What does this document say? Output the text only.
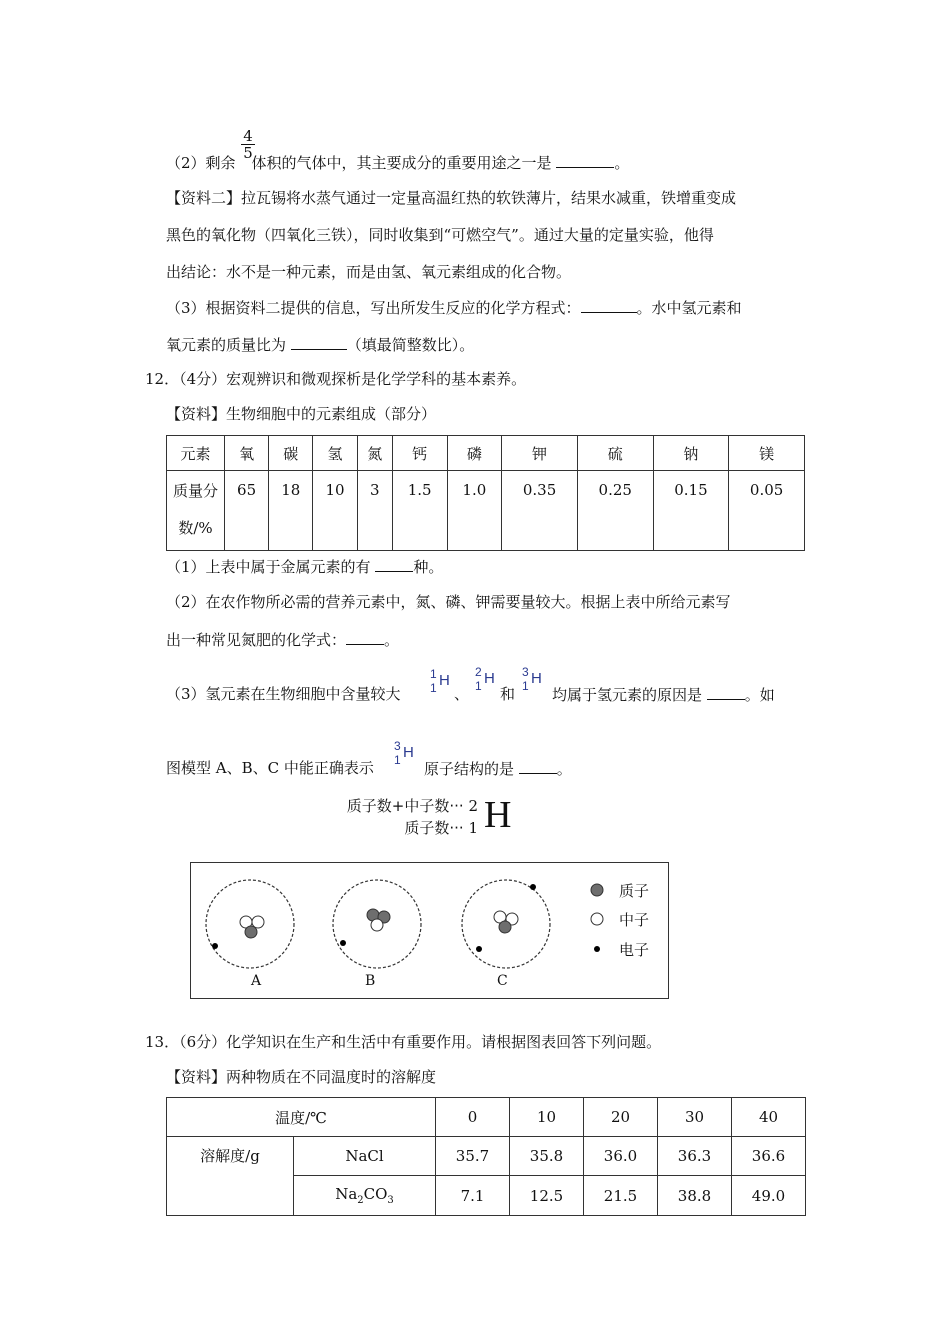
$\frac{4}{5}$
（2）剩余 体积的气体中，其主要成分的重要用途之一是	。
【资料二】拉瓦锡将水蒸气通过一定量高温红热的软铁薄片，结果水减重，铁增重变成
黑色的氧化物（四氧化三铁），同时收集到“可燃空气”。通过大量的定量实验，他得
出结论：水不是一种元素，而是由氢、氧元素组成的化合物。
（3）根据资料二提供的信息，写出所发生反应的化学方程式：	。水中氢元素和
氧元素的质量比为	（填最简整数比）。
12．（4分）宏观辨识和微观探析是化学学科的基本素养。
【资料】生物细胞中的元素组成（部分）
元素	氧	碳	氢	氮	钙	磷	钾	硫	钠	镁

质量分
数/%	65	18	10	3	1.5	1.0	0.35	0.25	0.15	0.05
（1）上表中属于金属元素的有	种。
（2）在农作物所必需的营养元素中，氮、磷、钾需要量较大。根据上表中所给元素写
出一种常见氮肥的化学式：	。
（3）氢元素在生物细胞中含量较大
1
1 H
、
2
1 H
和
3
1 H
均属于氢元素的原因是	。如
图模型 A、B、C 中能正确表示
3
1 H
原子结构的是	。
质子数+中子数··· 2
质子数··· 1 H
A	B	C
质子
中子
电子
13．（6分）化学知识在生产和生活中有重要作用。请根据图表回答下列问题。
【资料】两种物质在不同温度时的溶解度
温度/℃		0	10	20	30	40
溶解度/g	NaCl	35.7	35.8	36.0	36.3	36.6
	$Na_2CO_3$	7.1	12.5	21.5	38.8	49.0
